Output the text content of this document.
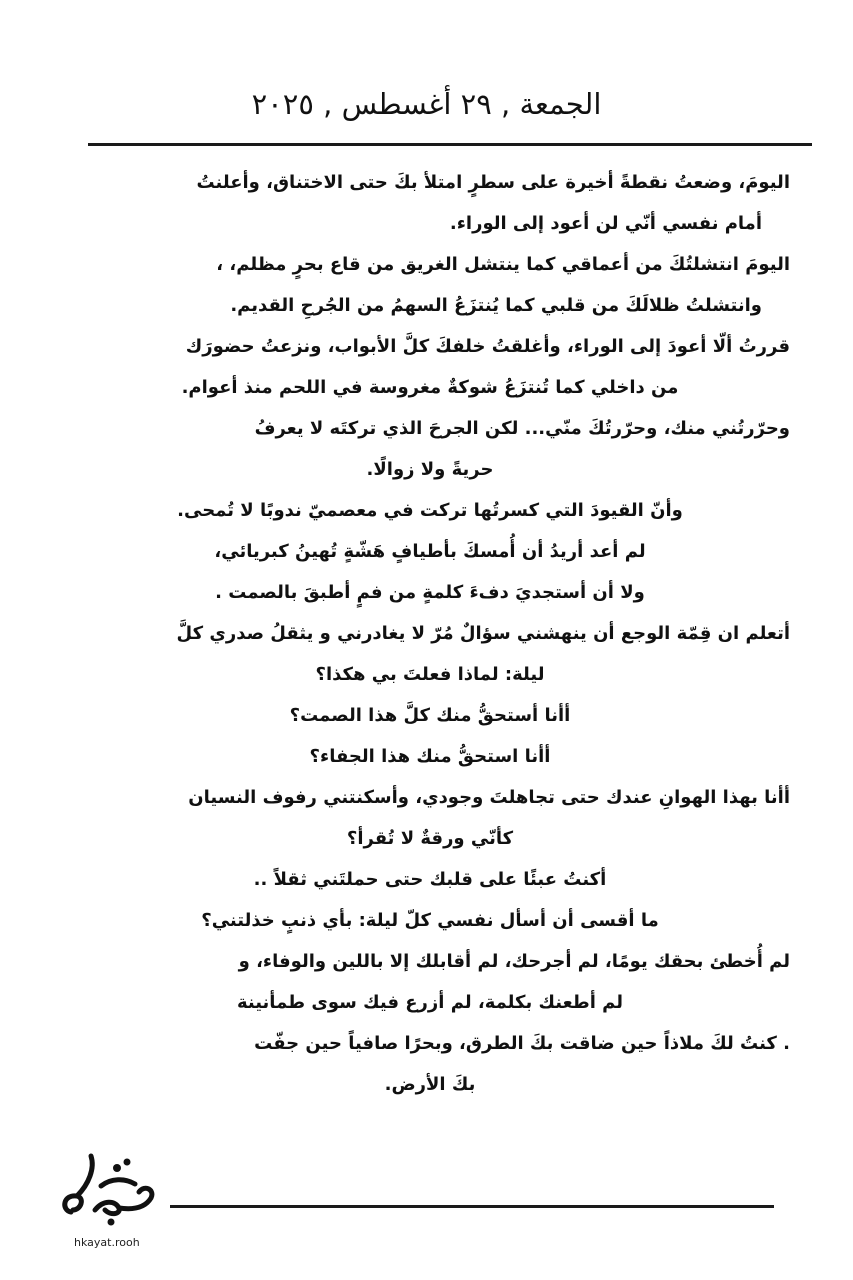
الجمعة , ٢٩ أغسطس , ٢٠٢٥

اليومَ، وضعتُ نقطةً أخيرة على سطرٍ امتلأ بكَ حتى الاختناق، وأعلنتُ

أمام نفسي أنّي لن أعود إلى الوراء.

اليومَ انتشلتُكَ من أعماقي كما ينتشل الغريق من قاع بحرٍ مظلم، ،

وانتشلتُ ظلالَكَ من قلبي كما يُنتزَعُ السهمُ من الجُرحِ القديم.

قررتُ ألّا أعودَ إلى الوراء، وأغلقتُ خلفكَ كلَّ الأبواب، ونزعتُ حضورَك

من داخلي كما تُنتزَعُ شوكةٌ مغروسة في اللحم منذ أعوام.

وحرّرتُني منك، وحرّرتُكَ منّي... لكن الجرحَ الذي تركتَه لا يعرفُ

حريةً ولا زوالًا.

وأنّ القيودَ التي كسرتُها تركت في معصميّ ندوبًا لا تُمحى.

لم أعد أريدُ أن أُمسكَ بأطيافٍ هَشّةٍ تُهينُ كبريائي،

ولا أن أستجديَ دفءَ كلمةٍ من فمٍ أطبقَ بالصمت .

أتعلم ان قِمّة الوجع أن ينهشني سؤالٌ مُرّ لا يغادرني و يثقلُ صدري كلَّ

ليلة: لماذا فعلتَ بي هكذا؟

أأنا أستحقُّ منك كلَّ هذا الصمت؟

أأنا استحقُّ منك هذا الجفاء؟

أأنا بهذا الهوانِ عندك حتى تجاهلتَ وجودي، وأسكنتني رفوف النسيان

كأنّي ورقةٌ لا تُقرأ؟

أكنتُ عبئًا على قلبك حتى حملتَني ثقلاً ..

ما أقسى أن أسأل نفسي كلّ ليلة: بأي ذنبٍ خذلتني؟

لم أُخطئ بحقك يومًا، لم أجرحك، لم أقابلك إلا باللين والوفاء، و

لم أطعنك بكلمة، لم أزرع فيك سوى طمأنينة

. كنتُ لكَ ملاذاً حين ضاقت بكَ الطرق، وبحرًا صافياً حين جفّت

بكَ الأرض.

hkayat.rooh
